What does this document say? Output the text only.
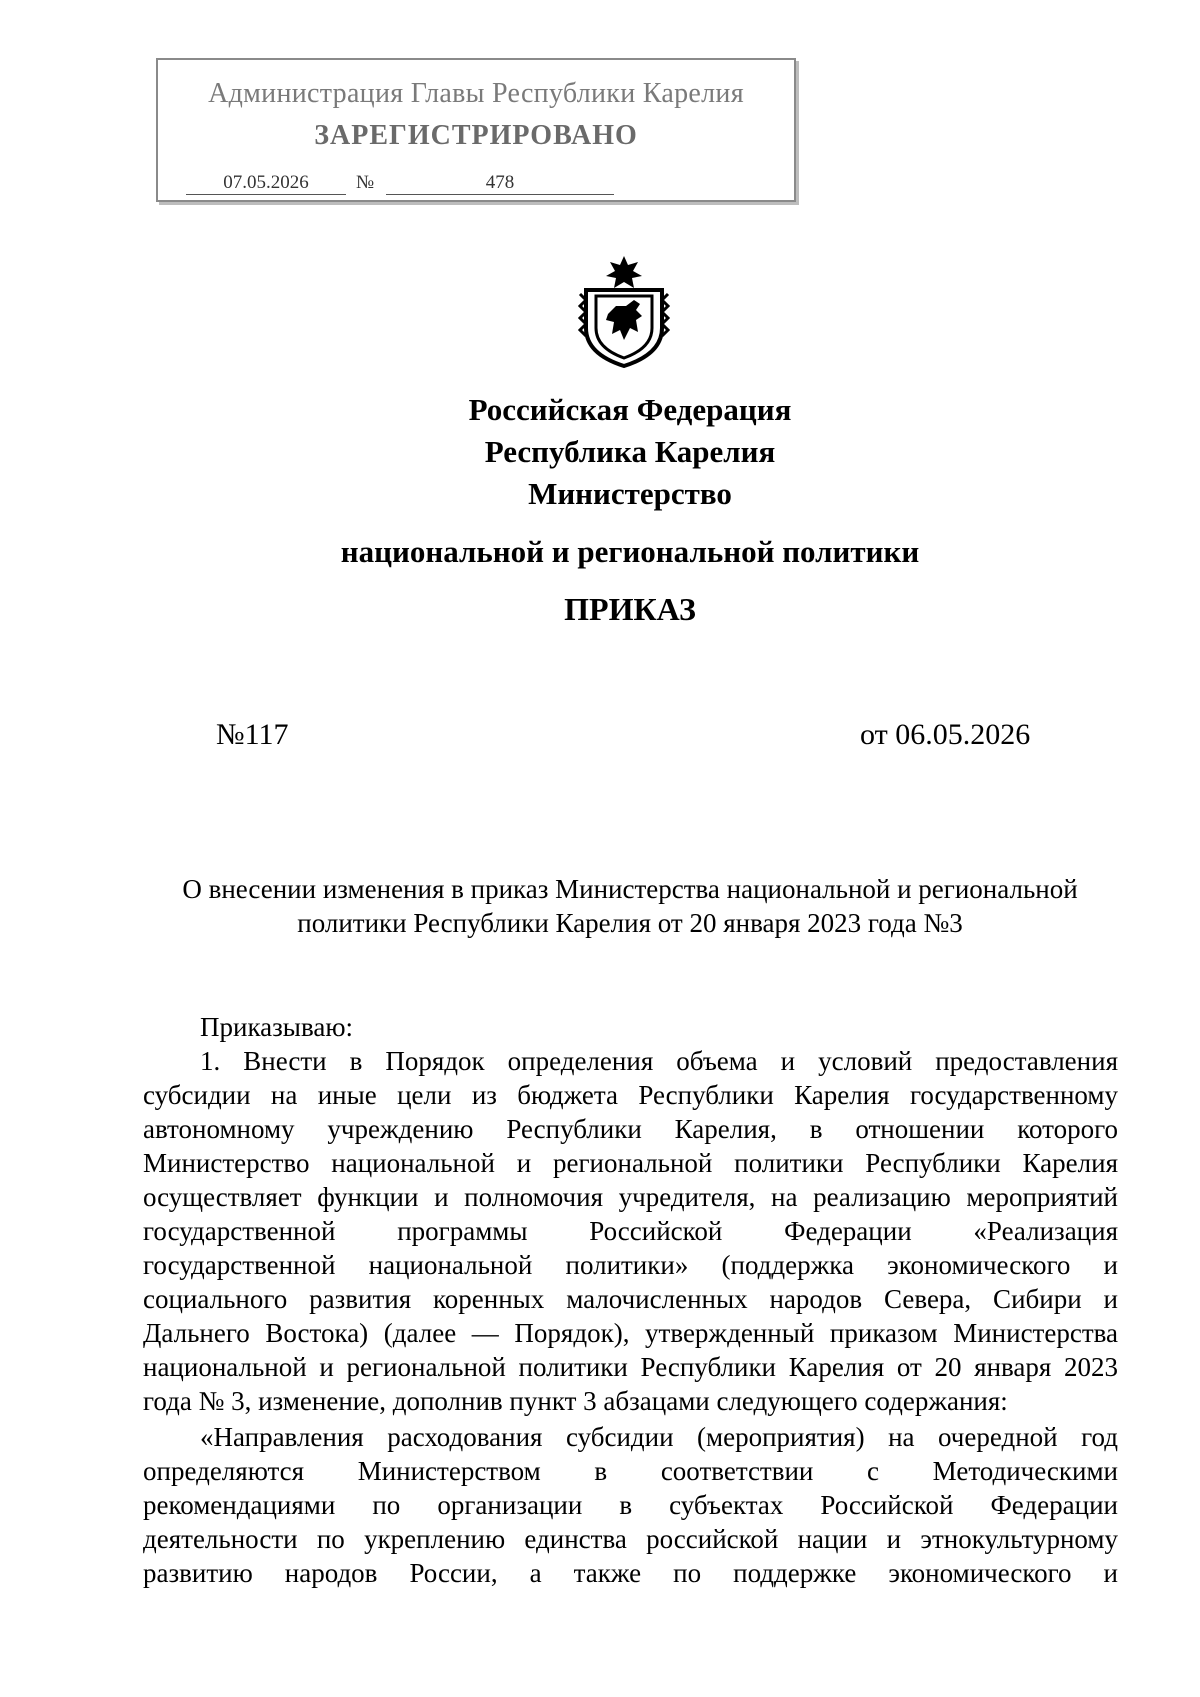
Администрация Главы Республики Карелия
ЗАРЕГИСТРИРОВАНО
07.05.2026	№	478
Российская Федерация
Республика Карелия
Министерство
национальной и региональной политики
ПРИКАЗ
№117	от 06.05.2026
О внесении изменения в приказ Министерства национальной и региональной
политики Республики Карелия от 20 января 2023 года №3
Приказываю:
1. Внести в Порядок определения объема и условий предоставления
субсидии на иные цели из бюджета Республики Карелия государственному
автономному учреждению Республики Карелия, в отношении которого
Министерство национальной и региональной политики Республики Карелия
осуществляет функции и полномочия учредителя, на реализацию мероприятий
государственной программы Российской Федерации «Реализация
государственной национальной политики» (поддержка экономического и
социального развития коренных малочисленных народов Севера, Сибири и
Дальнего Востока) (далее — Порядок), утвержденный приказом Министерства
национальной и региональной политики Республики Карелия от 20 января 2023
года № 3, изменение, дополнив пункт 3 абзацами следующего содержания:
«Направления расходования субсидии (мероприятия) на очередной год
определяются Министерством в соответствии с Методическими
рекомендациями по организации в субъектах Российской Федерации
деятельности по укреплению единства российской нации и этнокультурному
развитию народов России, а также по поддержке экономического и
